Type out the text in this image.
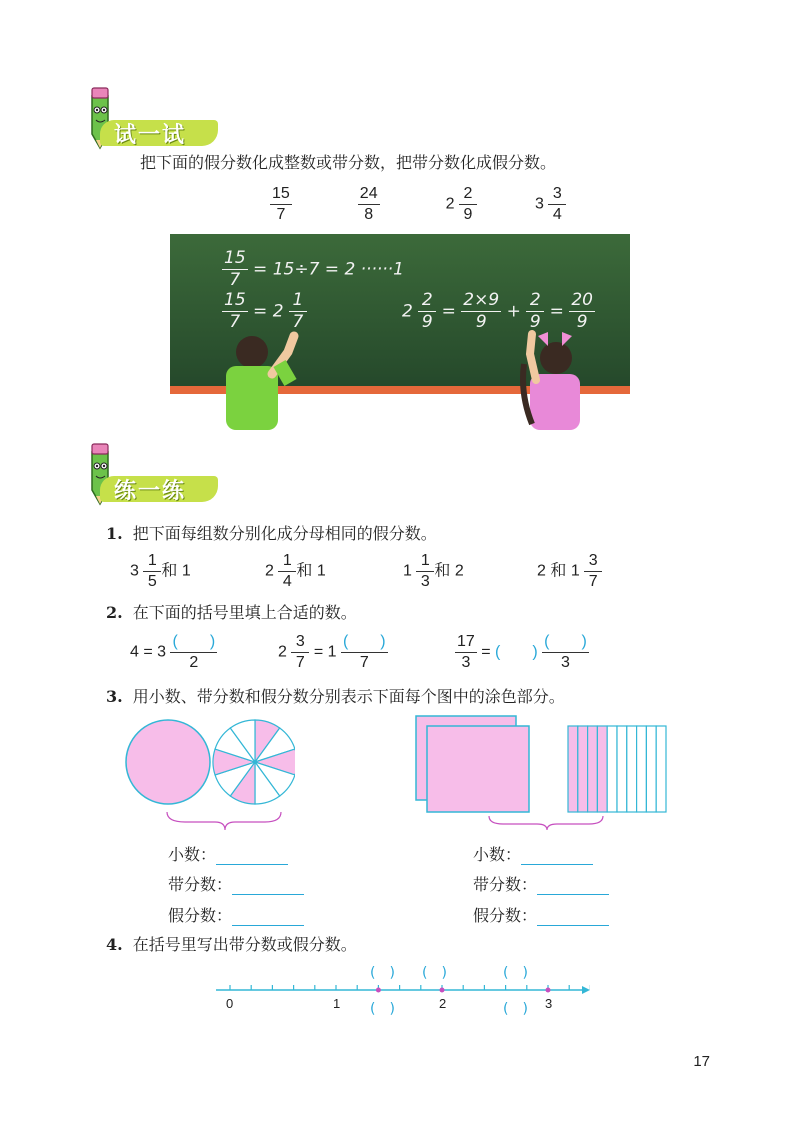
试一试
把下面的假分数化成整数或带分数，把带分数化成假分数。
$\frac{15}{7}$	$\frac{24}{8}$	$2 \frac{2}{9}$	$3 \frac{3}{4}$
$\frac{15}{7} = 15\div 7 = 2 \cdot\cdot\cdot\cdot\cdot\cdot 1$
$\frac{15}{7} = 2 \frac{1}{7}$	$2 \frac{2}{9} = \frac{2\times 9}{9} + \frac{2}{9} = \frac{20}{9}$
练一练
1. 把下面每组数分别化成分母相同的假分数。
$3 \frac{1}{5}$ 和 1	$2 \frac{1}{4}$ 和 1	$1 \frac{1}{3}$ 和 2	2 和 $1 \frac{3}{7}$
2. 在下面的括号里填上合适的数。
$4 = 3 \frac{( )}{2}$	$2 \frac{3}{7} = 1 \frac{( )}{7}$	$\frac{17}{3}$ = (　　) $\frac{( )}{3}$
3. 用小数、带分数和假分数分别表示下面每个图中的涂色部分。
小数：
带分数：
假分数：
小数：
带分数：
假分数：
4. 在括号里写出带分数或假分数。
0	1	2	3
(　) (　)	(　)
(　)	(　)
17
